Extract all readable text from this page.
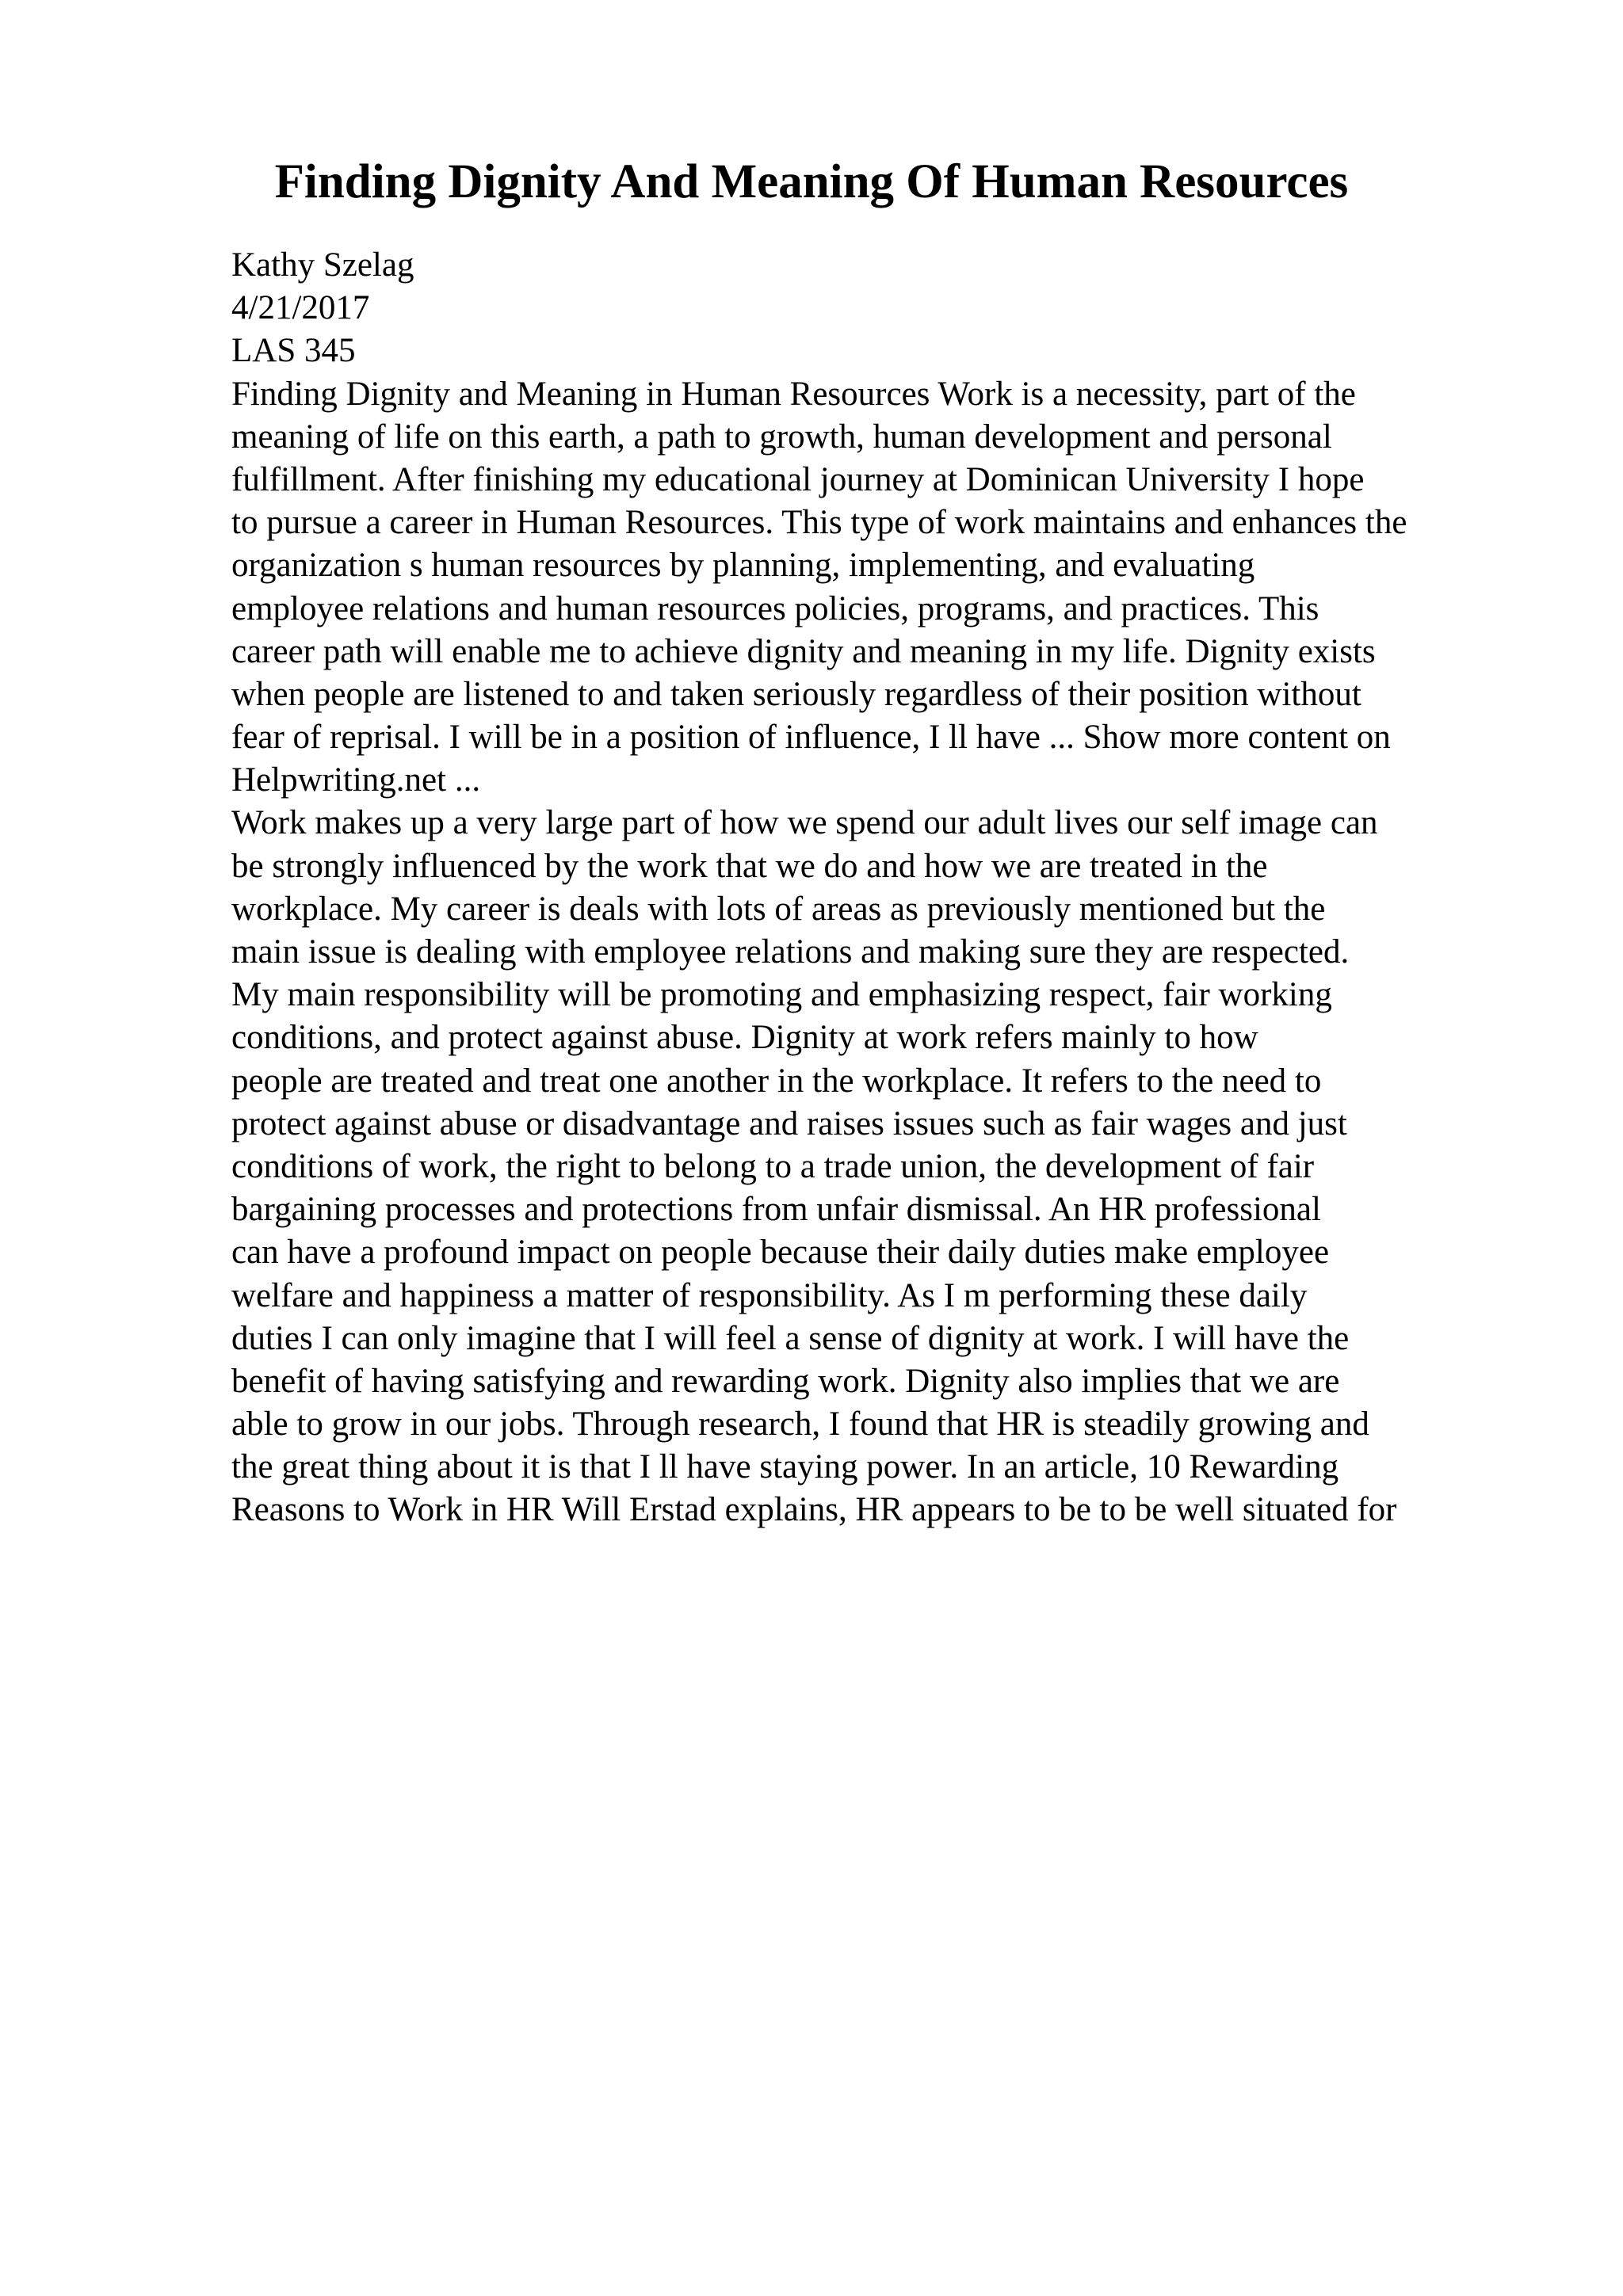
Finding Dignity And Meaning Of Human Resources
Kathy Szelag
4/21/2017
LAS 345
Finding Dignity and Meaning in Human Resources Work is a necessity, part of the
meaning of life on this earth, a path to growth, human development and personal
fulfillment. After finishing my educational journey at Dominican University I hope
to pursue a career in Human Resources. This type of work maintains and enhances the
organization s human resources by planning, implementing, and evaluating
employee relations and human resources policies, programs, and practices. This
career path will enable me to achieve dignity and meaning in my life. Dignity exists
when people are listened to and taken seriously regardless of their position without
fear of reprisal. I will be in a position of influence, I ll have ... Show more content on
Helpwriting.net ...
Work makes up a very large part of how we spend our adult lives our self image can
be strongly influenced by the work that we do and how we are treated in the
workplace. My career is deals with lots of areas as previously mentioned but the
main issue is dealing with employee relations and making sure they are respected.
My main responsibility will be promoting and emphasizing respect, fair working
conditions, and protect against abuse. Dignity at work refers mainly to how
people are treated and treat one another in the workplace. It refers to the need to
protect against abuse or disadvantage and raises issues such as fair wages and just
conditions of work, the right to belong to a trade union, the development of fair
bargaining processes and protections from unfair dismissal. An HR professional
can have a profound impact on people because their daily duties make employee
welfare and happiness a matter of responsibility. As I m performing these daily
duties I can only imagine that I will feel a sense of dignity at work. I will have the
benefit of having satisfying and rewarding work. Dignity also implies that we are
able to grow in our jobs. Through research, I found that HR is steadily growing and
the great thing about it is that I ll have staying power. In an article, 10 Rewarding
Reasons to Work in HR Will Erstad explains, HR appears to be to be well situated for
